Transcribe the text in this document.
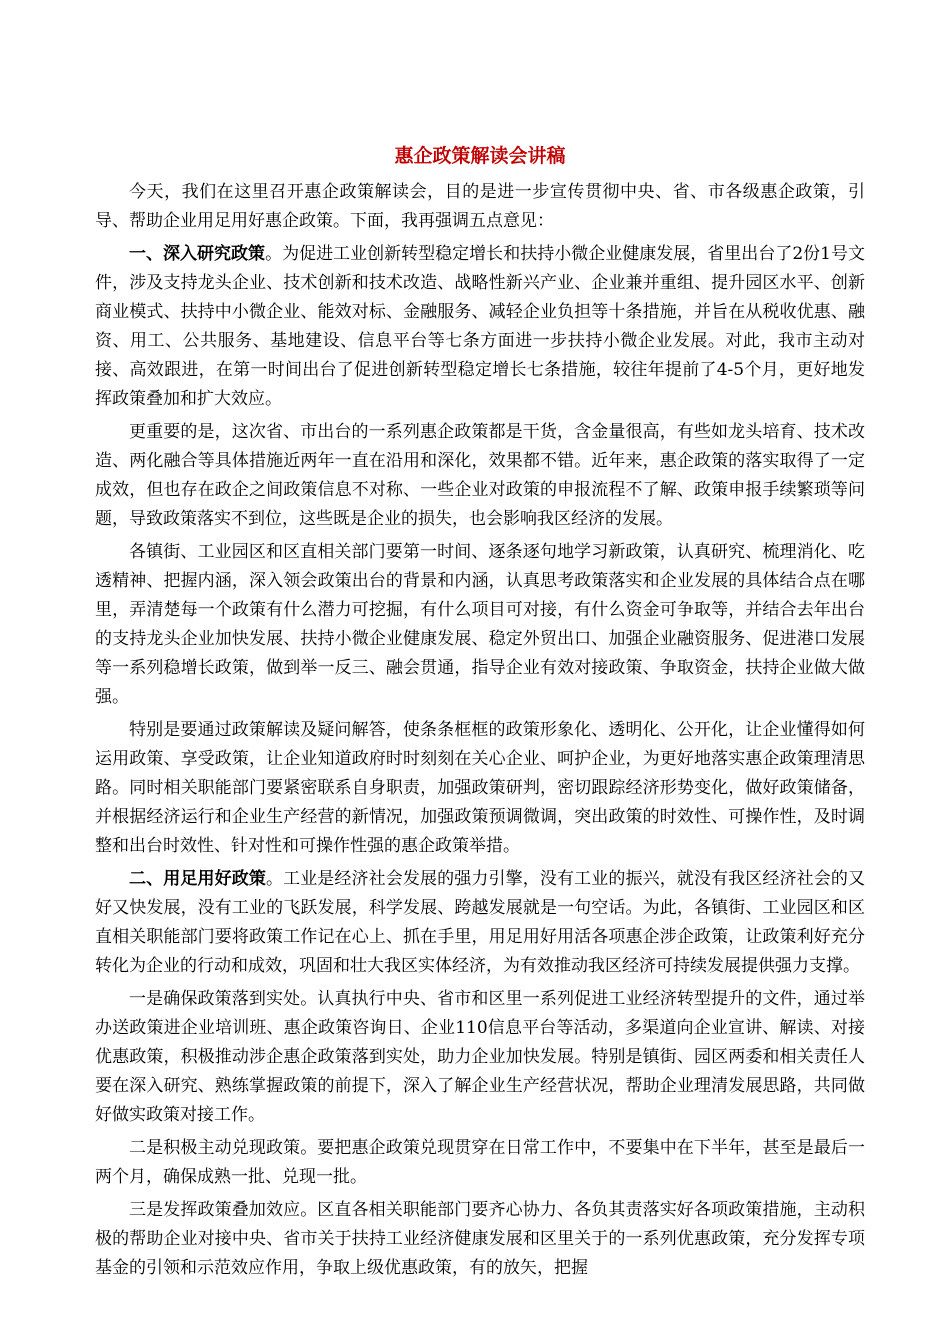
惠企政策解读会讲稿

今天，我们在这里召开惠企政策解读会，目的是进一步宣传贯彻中央、省、市各级惠企政策，引导、帮助企业用足用好惠企政策。下面，我再强调五点意见：

一、深入研究政策。为促进工业创新转型稳定增长和扶持小微企业健康发展，省里出台了2份1号文件，涉及支持龙头企业、技术创新和技术改造、战略性新兴产业、企业兼并重组、提升园区水平、创新商业模式、扶持中小微企业、能效对标、金融服务、减轻企业负担等十条措施，并旨在从税收优惠、融资、用工、公共服务、基地建设、信息平台等七条方面进一步扶持小微企业发展。对此，我市主动对接、高效跟进，在第一时间出台了促进创新转型稳定增长七条措施，较往年提前了4-5个月，更好地发挥政策叠加和扩大效应。

更重要的是，这次省、市出台的一系列惠企政策都是干货，含金量很高，有些如龙头培育、技术改造、两化融合等具体措施近两年一直在沿用和深化，效果都不错。近年来，惠企政策的落实取得了一定成效，但也存在政企之间政策信息不对称、一些企业对政策的申报流程不了解、政策申报手续繁琐等问题，导致政策落实不到位，这些既是企业的损失，也会影响我区经济的发展。

各镇街、工业园区和区直相关部门要第一时间、逐条逐句地学习新政策，认真研究、梳理消化、吃透精神、把握内涵，深入领会政策出台的背景和内涵，认真思考政策落实和企业发展的具体结合点在哪里，弄清楚每一个政策有什么潜力可挖掘，有什么项目可对接，有什么资金可争取等，并结合去年出台的支持龙头企业加快发展、扶持小微企业健康发展、稳定外贸出口、加强企业融资服务、促进港口发展等一系列稳增长政策，做到举一反三、融会贯通，指导企业有效对接政策、争取资金，扶持企业做大做强。

特别是要通过政策解读及疑问解答，使条条框框的政策形象化、透明化、公开化，让企业懂得如何运用政策、享受政策，让企业知道政府时时刻刻在关心企业、呵护企业，为更好地落实惠企政策理清思路。同时相关职能部门要紧密联系自身职责，加强政策研判，密切跟踪经济形势变化，做好政策储备，并根据经济运行和企业生产经营的新情况，加强政策预调微调，突出政策的时效性、可操作性，及时调整和出台时效性、针对性和可操作性强的惠企政策举措。

二、用足用好政策。工业是经济社会发展的强力引擎，没有工业的振兴，就没有我区经济社会的又好又快发展，没有工业的飞跃发展，科学发展、跨越发展就是一句空话。为此，各镇街、工业园区和区直相关职能部门要将政策工作记在心上、抓在手里，用足用好用活各项惠企涉企政策，让政策利好充分转化为企业的行动和成效，巩固和壮大我区实体经济，为有效推动我区经济可持续发展提供强力支撑。

一是确保政策落到实处。认真执行中央、省市和区里一系列促进工业经济转型提升的文件，通过举办送政策进企业培训班、惠企政策咨询日、企业110信息平台等活动，多渠道向企业宣讲、解读、对接优惠政策，积极推动涉企惠企政策落到实处，助力企业加快发展。特别是镇街、园区两委和相关责任人要在深入研究、熟练掌握政策的前提下，深入了解企业生产经营状况，帮助企业理清发展思路，共同做好做实政策对接工作。

二是积极主动兑现政策。要把惠企政策兑现贯穿在日常工作中，不要集中在下半年，甚至是最后一两个月，确保成熟一批、兑现一批。

三是发挥政策叠加效应。区直各相关职能部门要齐心协力、各负其责落实好各项政策措施，主动积极的帮助企业对接中央、省市关于扶持工业经济健康发展和区里关于的一系列优惠政策，充分发挥专项基金的引领和示范效应作用，争取上级优惠政策，有的放矢，把握
